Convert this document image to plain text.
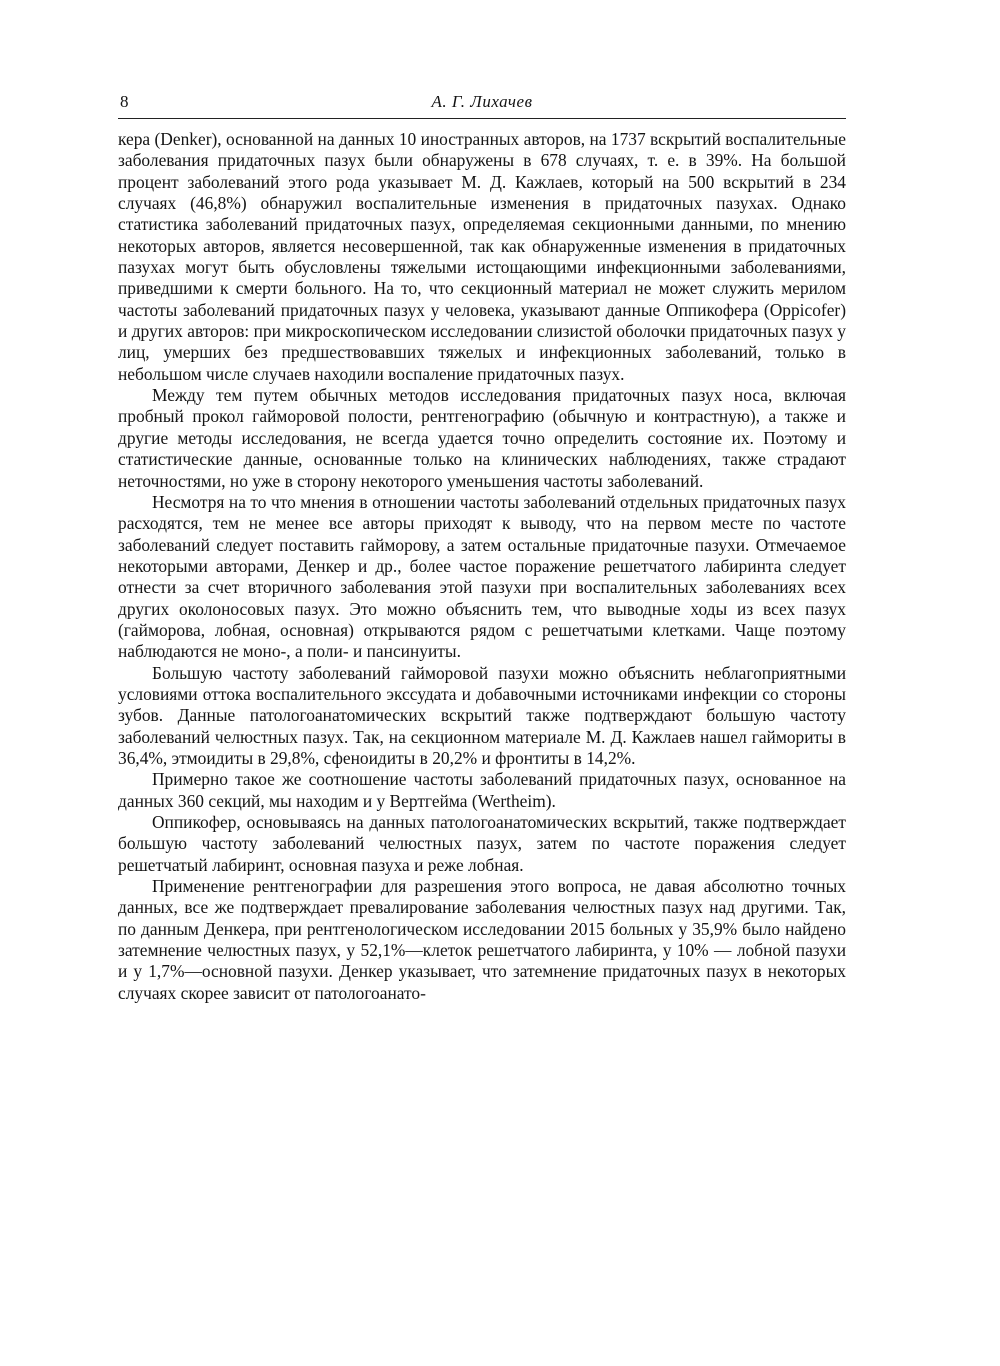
8	А. Г. Лихачев

кера (Denker), основанной на данных 10 иностранных авторов, на 1737 вскрытий воспалительные заболевания придаточных пазух были обнаружены в 678 случаях, т. е. в 39%. На большой процент заболеваний этого рода указывает М. Д. Кажлаев, который на 500 вскрытий в 234 случаях (46,8%) обнаружил воспалительные изменения в придаточных пазухах. Однако статистика заболеваний придаточных пазух, определяемая секционными данными, по мнению некоторых авторов, является несовершенной, так как обнаруженные изменения в придаточных пазухах могут быть обусловлены тяжелыми истощающими инфекционными заболеваниями, приведшими к смерти больного. На то, что секционный материал не может служить мерилом частоты заболеваний придаточных пазух у человека, указывают данные Оппикофера (Oppicofer) и других авторов: при микроскопическом исследовании слизистой оболочки придаточных пазух у лиц, умерших без предшествовавших тяжелых и инфекционных заболеваний, только в небольшом числе случаев находили воспаление придаточных пазух.

Между тем путем обычных методов исследования придаточных пазух носа, включая пробный прокол гайморовой полости, рентгенографию (обычную и контрастную), а также и другие методы исследования, не всегда удается точно определить состояние их. Поэтому и статистические данные, основанные только на клинических наблюдениях, также страдают неточностями, но уже в сторону некоторого уменьшения частоты заболеваний.

Несмотря на то что мнения в отношении частоты заболеваний отдельных придаточных пазух расходятся, тем не менее все авторы приходят к выводу, что на первом месте по частоте заболеваний следует поставить гайморову, а затем остальные придаточные пазухи. Отмечаемое некоторыми авторами, Денкер и др., более частое поражение решетчатого лабиринта следует отнести за счет вторичного заболевания этой пазухи при воспалительных заболеваниях всех других околоносовых пазух. Это можно объяснить тем, что выводные ходы из всех пазух (гайморова, лобная, основная) открываются рядом с решетчатыми клетками. Чаще поэтому наблюдаются не моно-, а поли- и пансинуиты.

Большую частоту заболеваний гайморовой пазухи можно объяснить неблагоприятными условиями оттока воспалительного экссудата и добавочными источниками инфекции со стороны зубов. Данные патологоанатомических вскрытий также подтверждают большую частоту заболеваний челюстных пазух. Так, на секционном материале М. Д. Кажлаев нашел гаймориты в 36,4%, этмоидиты в 29,8%, сфеноидиты в 20,2% и фронтиты в 14,2%.

Примерно такое же соотношение частоты заболеваний придаточных пазух, основанное на данных 360 секций, мы находим и у Вертгейма (Wertheim).

Оппикофер, основываясь на данных патологоанатомических вскрытий, также подтверждает большую частоту заболеваний челюстных пазух, затем по частоте поражения следует решетчатый лабиринт, основная пазуха и реже лобная.

Применение рентгенографии для разрешения этого вопроса, не давая абсолютно точных данных, все же подтверждает превалирование заболевания челюстных пазух над другими. Так, по данным Денкера, при рентгенологическом исследовании 2015 больных у 35,9% было найдено затемнение челюстных пазух, у 52,1%—клеток решетчатого лабиринта, у 10% — лобной пазухи и у 1,7%—основной пазухи. Денкер указывает, что затемнение придаточных пазух в некоторых случаях скорее зависит от патологоанато-
